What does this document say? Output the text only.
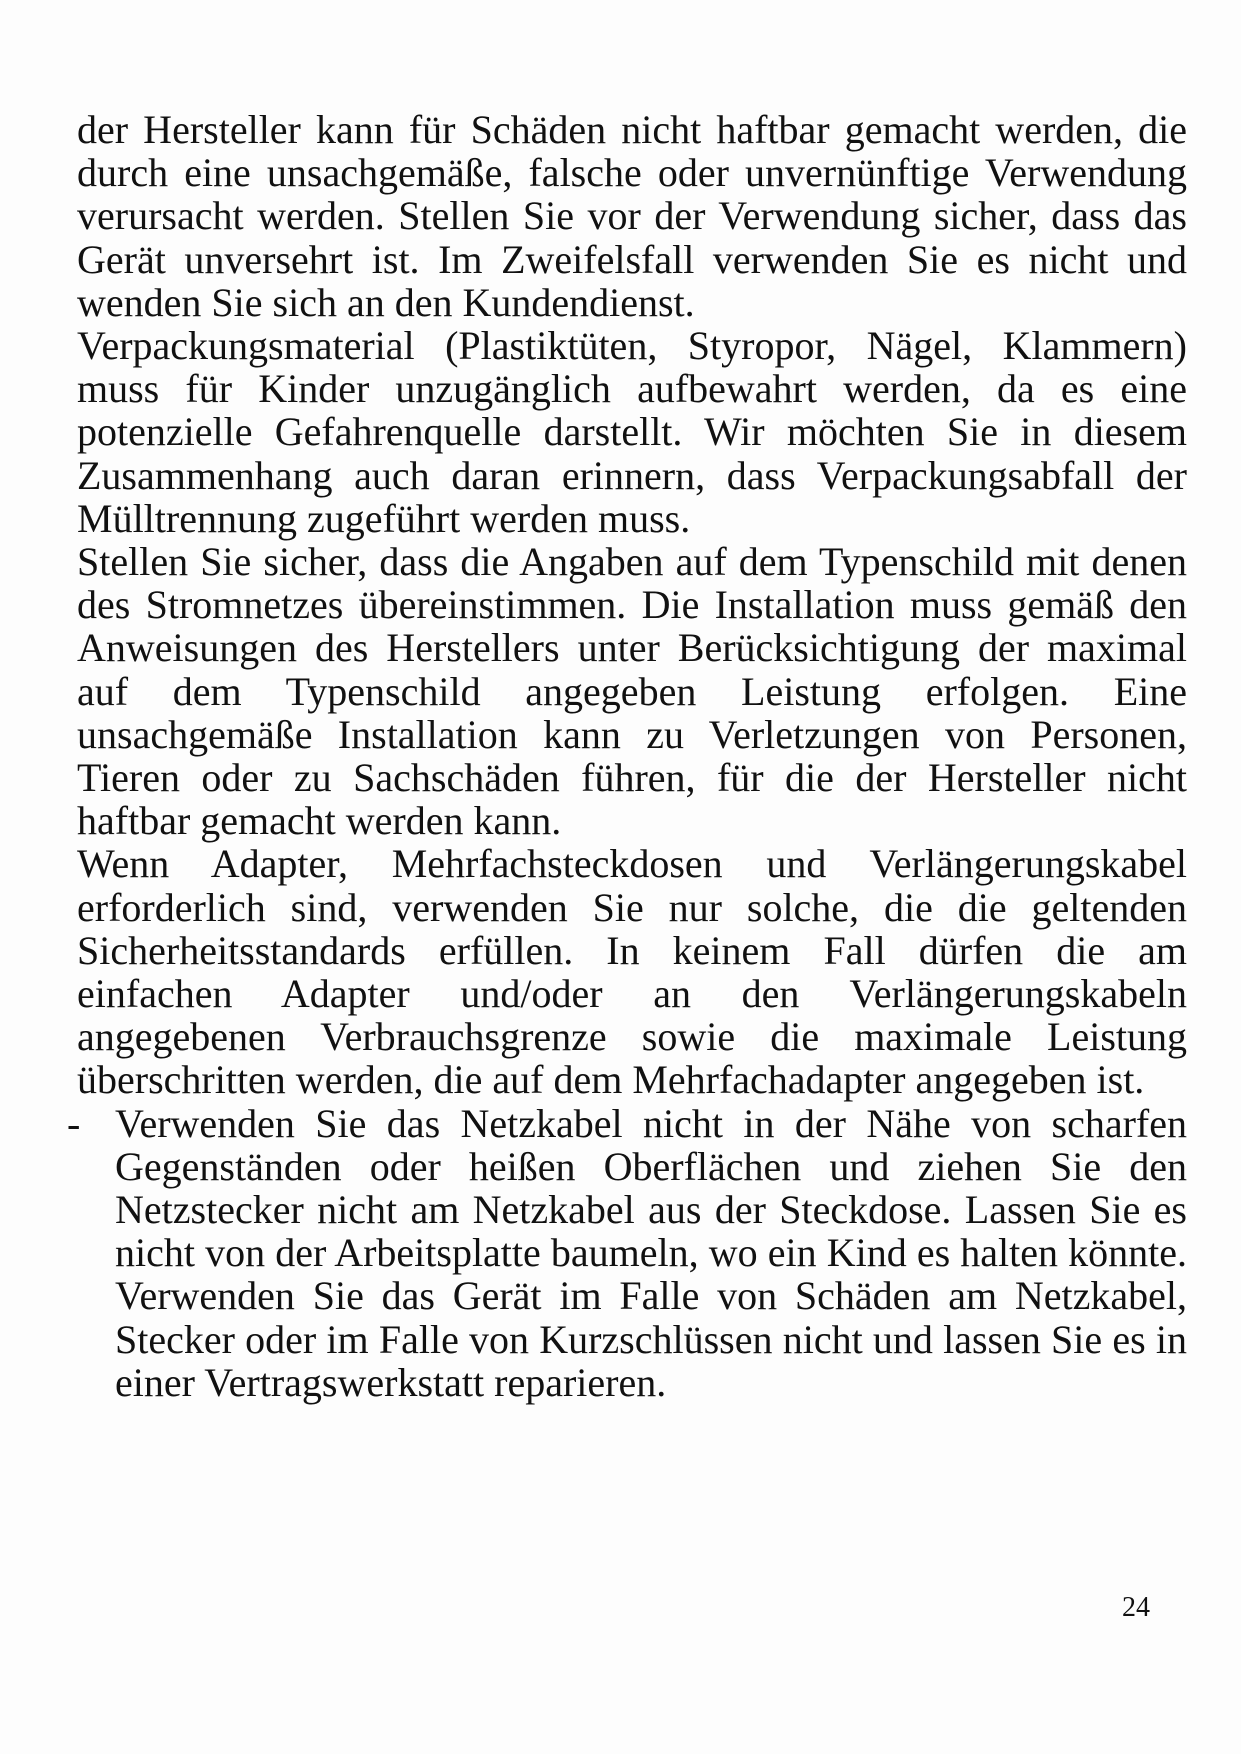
der Hersteller kann für Schäden nicht haftbar gemacht werden, die durch eine unsachgemäße, falsche oder unvernünftige Verwendung verursacht werden. Stellen Sie vor der Verwendung sicher, dass das Gerät unversehrt ist. Im Zweifelsfall verwenden Sie es nicht und wenden Sie sich an den Kundendienst.

Verpackungsmaterial (Plastiktüten, Styropor, Nägel, Klammern) muss für Kinder unzugänglich aufbewahrt werden, da es eine potenzielle Gefahrenquelle darstellt. Wir möchten Sie in diesem Zusammenhang auch daran erinnern, dass Verpackungsabfall der Mülltrennung zugeführt werden muss.

Stellen Sie sicher, dass die Angaben auf dem Typenschild mit denen des Stromnetzes übereinstimmen. Die Installation muss gemäß den Anweisungen des Herstellers unter Berücksichtigung der maximal auf dem Typenschild angegeben Leistung erfolgen. Eine unsachgemäße Installation kann zu Verletzungen von Personen, Tieren oder zu Sachschäden führen, für die der Hersteller nicht haftbar gemacht werden kann.

Wenn Adapter, Mehrfachsteckdosen und Verlängerungskabel erforderlich sind, verwenden Sie nur solche, die die geltenden Sicherheitsstandards erfüllen. In keinem Fall dürfen die am einfachen Adapter und/oder an den Verlängerungskabeln angegebenen Verbrauchsgrenze sowie die maximale Leistung überschritten werden, die auf dem Mehrfachadapter angegeben ist.

- Verwenden Sie das Netzkabel nicht in der Nähe von scharfen Gegenständen oder heißen Oberflächen und ziehen Sie den Netzstecker nicht am Netzkabel aus der Steckdose. Lassen Sie es nicht von der Arbeitsplatte baumeln, wo ein Kind es halten könnte. Verwenden Sie das Gerät im Falle von Schäden am Netzkabel, Stecker oder im Falle von Kurzschlüssen nicht und lassen Sie es in einer Vertragswerkstatt reparieren.

24
